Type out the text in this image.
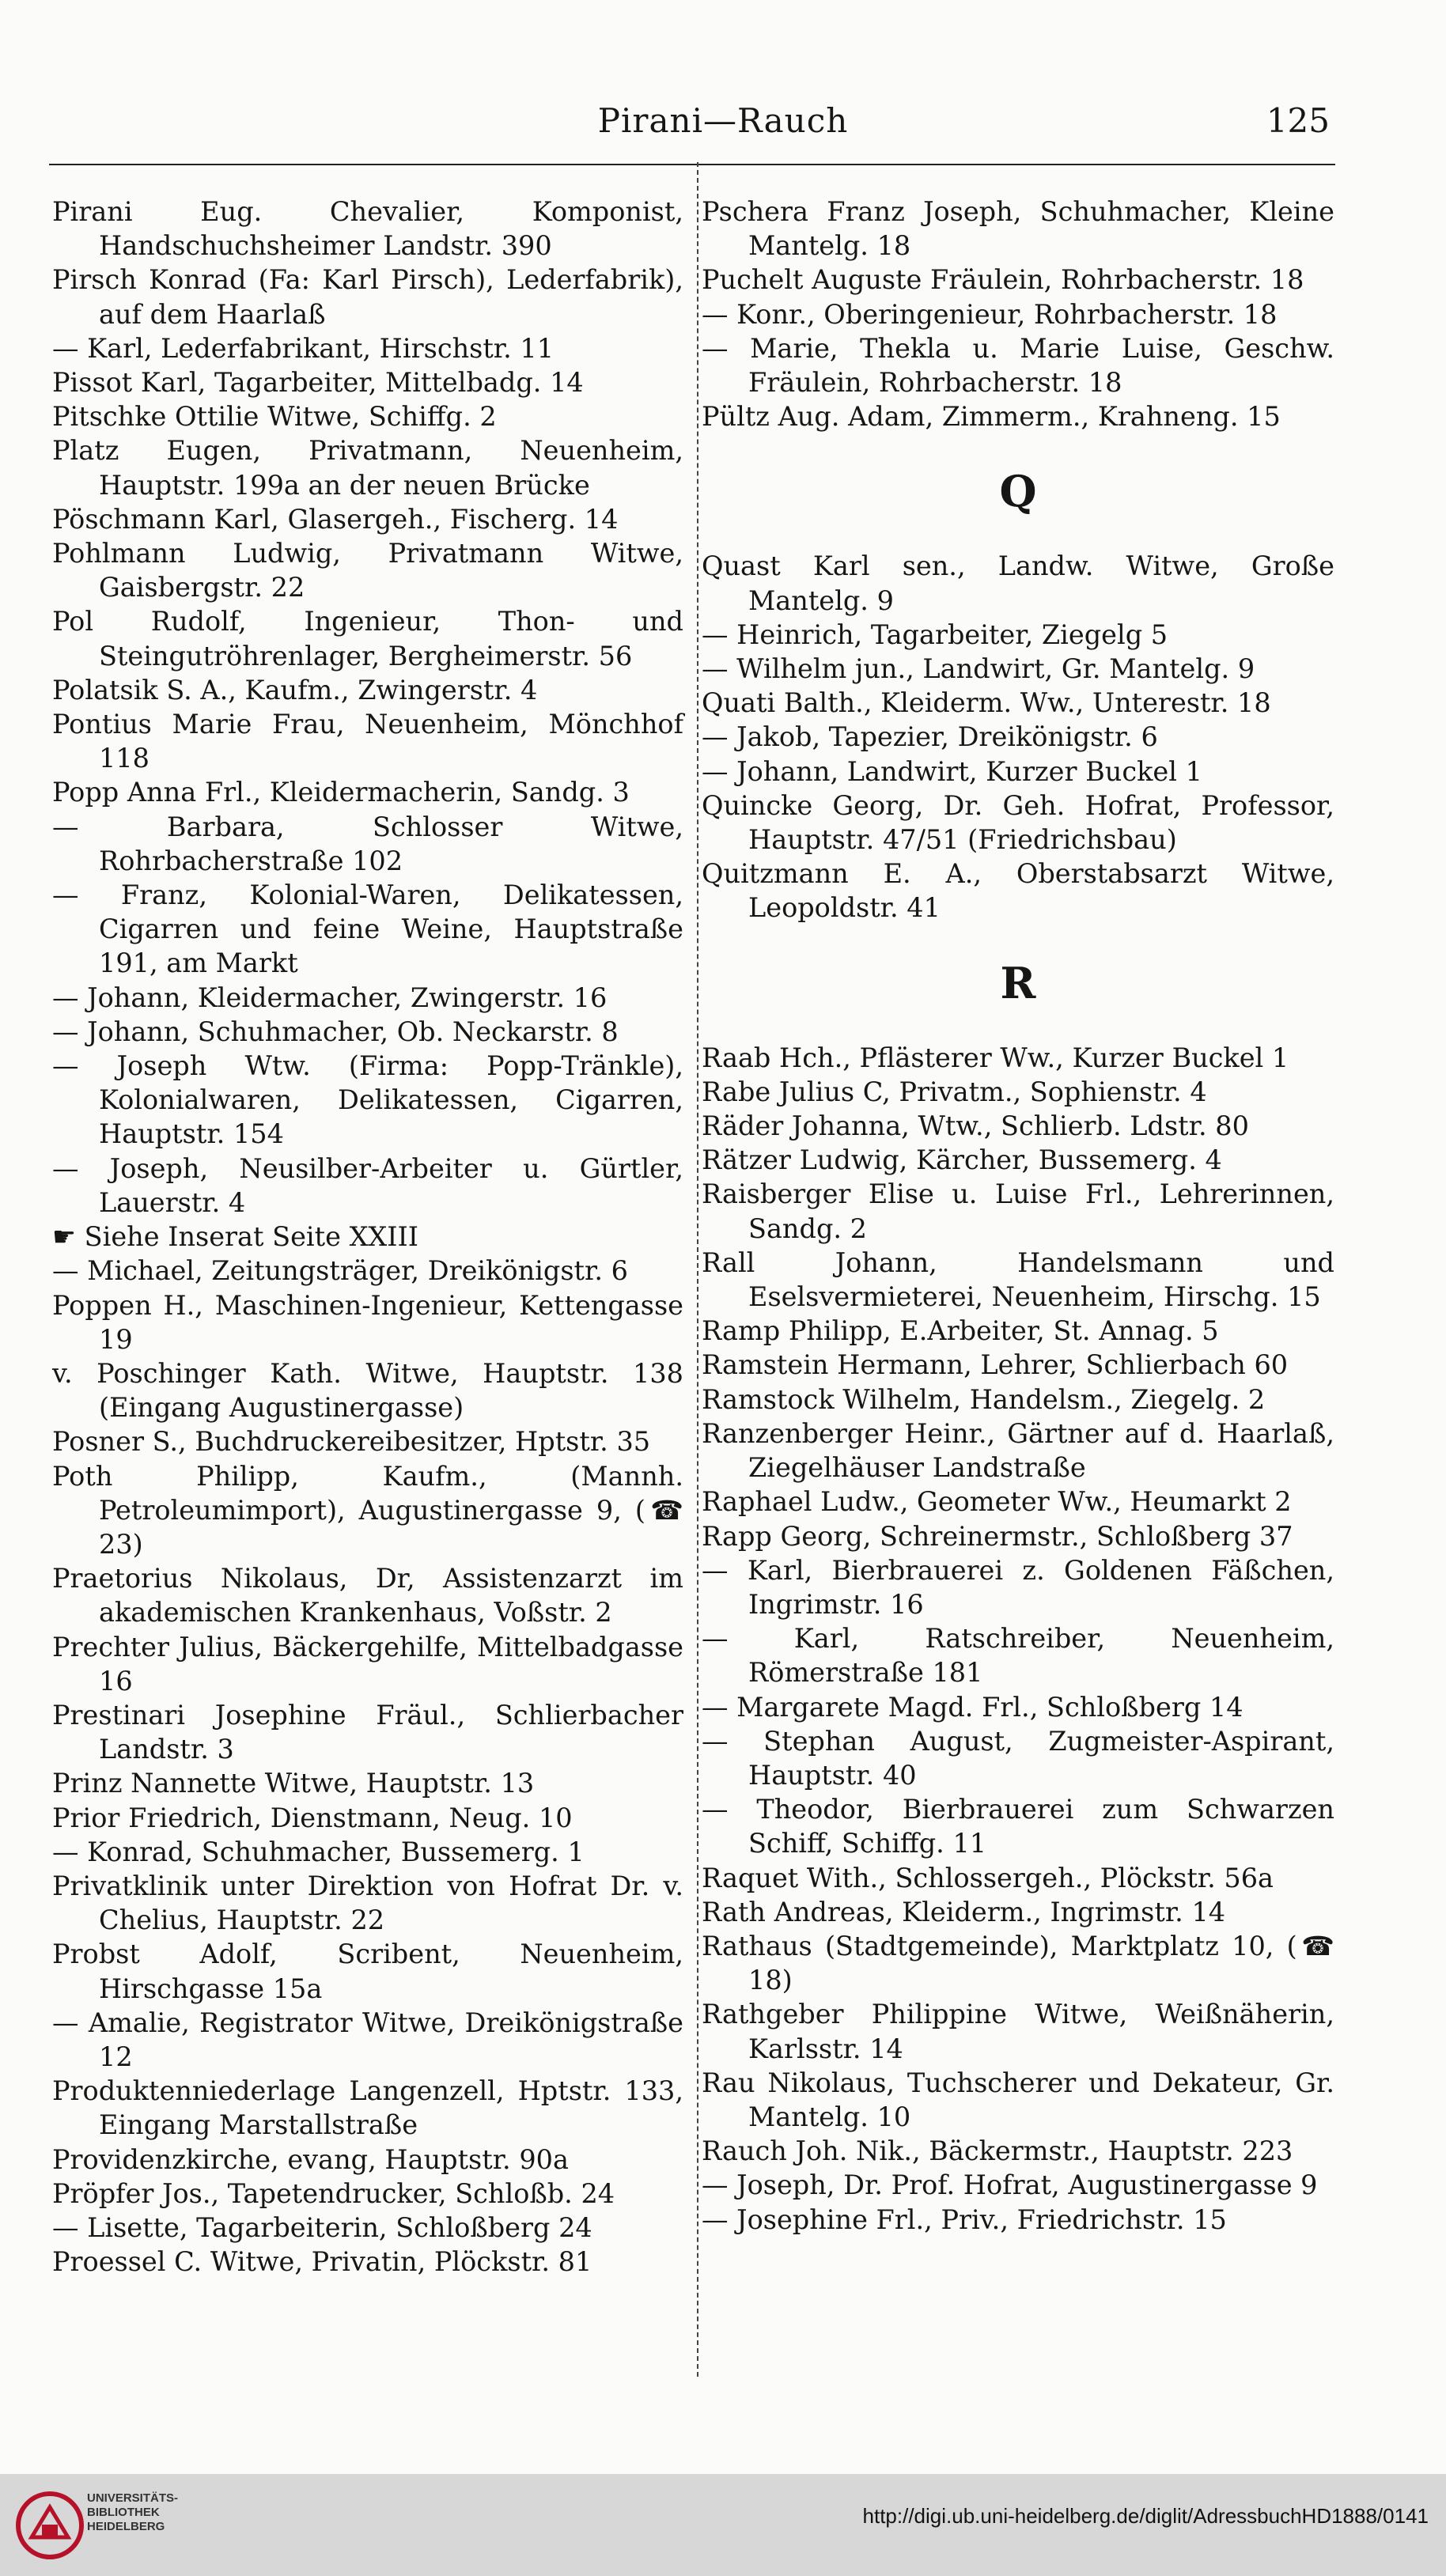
Pirani—Rauch	125
Pirani Eug. Chevalier, Komponist, Handschuchsheimer Landstr. 390
Pirsch Konrad (Fa: Karl Pirsch), Lederfabrik), auf dem Haarlaß
— Karl, Lederfabrikant, Hirschstr. 11
Pissot Karl, Tagarbeiter, Mittelbadg. 14
Pitschke Ottilie Witwe, Schiffg. 2
Platz Eugen, Privatmann, Neuenheim, Hauptstr. 199a an der neuen Brücke
Pöschmann Karl, Glasergeh., Fischerg. 14
Pohlmann Ludwig, Privatmann Witwe, Gaisbergstr. 22
Pol Rudolf, Ingenieur, Thon- und Steingutröhrenlager, Bergheimerstr. 56
Polatsik S. A., Kaufm., Zwingerstr. 4
Pontius Marie Frau, Neuenheim, Mönchhof 118
Popp Anna Frl., Kleidermacherin, Sandg. 3
— Barbara, Schlosser Witwe, Rohrbacherstraße 102
— Franz, Kolonial-Waren, Delikatessen, Cigarren und feine Weine, Hauptstraße 191, am Markt
— Johann, Kleidermacher, Zwingerstr. 16
— Johann, Schuhmacher, Ob. Neckarstr. 8
— Joseph Wtw. (Firma: Popp-Tränkle), Kolonialwaren, Delikatessen, Cigarren, Hauptstr. 154
— Joseph, Neusilber-Arbeiter u. Gürtler, Lauerstr. 4
☛ Siehe Inserat Seite XXIII
— Michael, Zeitungsträger, Dreikönigstr. 6
Poppen H., Maschinen-Ingenieur, Kettengasse 19
v. Poschinger Kath. Witwe, Hauptstr. 138 (Eingang Augustinergasse)
Posner S., Buchdruckereibesitzer, Hptstr. 35
Poth Philipp, Kaufm., (Mannh. Petroleumimport), Augustinergasse 9, (☎ 23)
Praetorius Nikolaus, Dr, Assistenzarzt im akademischen Krankenhaus, Voßstr. 2
Prechter Julius, Bäckergehilfe, Mittelbadgasse 16
Prestinari Josephine Fräul., Schlierbacher Landstr. 3
Prinz Nannette Witwe, Hauptstr. 13
Prior Friedrich, Dienstmann, Neug. 10
— Konrad, Schuhmacher, Bussemerg. 1
Privatklinik unter Direktion von Hofrat Dr. v. Chelius, Hauptstr. 22
Probst Adolf, Scribent, Neuenheim, Hirschgasse 15a
— Amalie, Registrator Witwe, Dreikönigstraße 12
Produktenniederlage Langenzell, Hptstr. 133, Eingang Marstallstraße
Providenzkirche, evang, Hauptstr. 90a
Pröpfer Jos., Tapetendrucker, Schloßb. 24
— Lisette, Tagarbeiterin, Schloßberg 24
Proessel C. Witwe, Privatin, Plöckstr. 81
Pschera Franz Joseph, Schuhmacher, Kleine Mantelg. 18
Puchelt Auguste Fräulein, Rohrbacherstr. 18
— Konr., Oberingenieur, Rohrbacherstr. 18
— Marie, Thekla u. Marie Luise, Geschw. Fräulein, Rohrbacherstr. 18
Pültz Aug. Adam, Zimmerm., Krahneng. 15
Q
Quast Karl sen., Landw. Witwe, Große Mantelg. 9
— Heinrich, Tagarbeiter, Ziegelg 5
— Wilhelm jun., Landwirt, Gr. Mantelg. 9
Quati Balth., Kleiderm. Ww., Unterestr. 18
— Jakob, Tapezier, Dreikönigstr. 6
— Johann, Landwirt, Kurzer Buckel 1
Quincke Georg, Dr. Geh. Hofrat, Professor, Hauptstr. 47/51 (Friedrichsbau)
Quitzmann E. A., Oberstabsarzt Witwe, Leopoldstr. 41
R
Raab Hch., Pflästerer Ww., Kurzer Buckel 1
Rabe Julius C, Privatm., Sophienstr. 4
Räder Johanna, Wtw., Schlierb. Ldstr. 80
Rätzer Ludwig, Kärcher, Bussemerg. 4
Raisberger Elise u. Luise Frl., Lehrerinnen, Sandg. 2
Rall Johann, Handelsmann und Eselsvermieterei, Neuenheim, Hirschg. 15
Ramp Philipp, E.Arbeiter, St. Annag. 5
Ramstein Hermann, Lehrer, Schlierbach 60
Ramstock Wilhelm, Handelsm., Ziegelg. 2
Ranzenberger Heinr., Gärtner auf d. Haarlaß, Ziegelhäuser Landstraße
Raphael Ludw., Geometer Ww., Heumarkt 2
Rapp Georg, Schreinermstr., Schloßberg 37
— Karl, Bierbrauerei z. Goldenen Fäßchen, Ingrimstr. 16
— Karl, Ratschreiber, Neuenheim, Römerstraße 181
— Margarete Magd. Frl., Schloßberg 14
— Stephan August, Zugmeister-Aspirant, Hauptstr. 40
— Theodor, Bierbrauerei zum Schwarzen Schiff, Schiffg. 11
Raquet With., Schlossergeh., Plöckstr. 56a
Rath Andreas, Kleiderm., Ingrimstr. 14
Rathaus (Stadtgemeinde), Marktplatz 10, (☎ 18)
Rathgeber Philippine Witwe, Weißnäherin, Karlsstr. 14
Rau Nikolaus, Tuchscherer und Dekateur, Gr. Mantelg. 10
Rauch Joh. Nik., Bäckermstr., Hauptstr. 223
— Joseph, Dr. Prof. Hofrat, Augustinergasse 9
— Josephine Frl., Priv., Friedrichstr. 15
UNIVERSITÄTS-
BIBLIOTHEK
HEIDELBERG	http://digi.ub.uni-heidelberg.de/diglit/AdressbuchHD1888/0141
